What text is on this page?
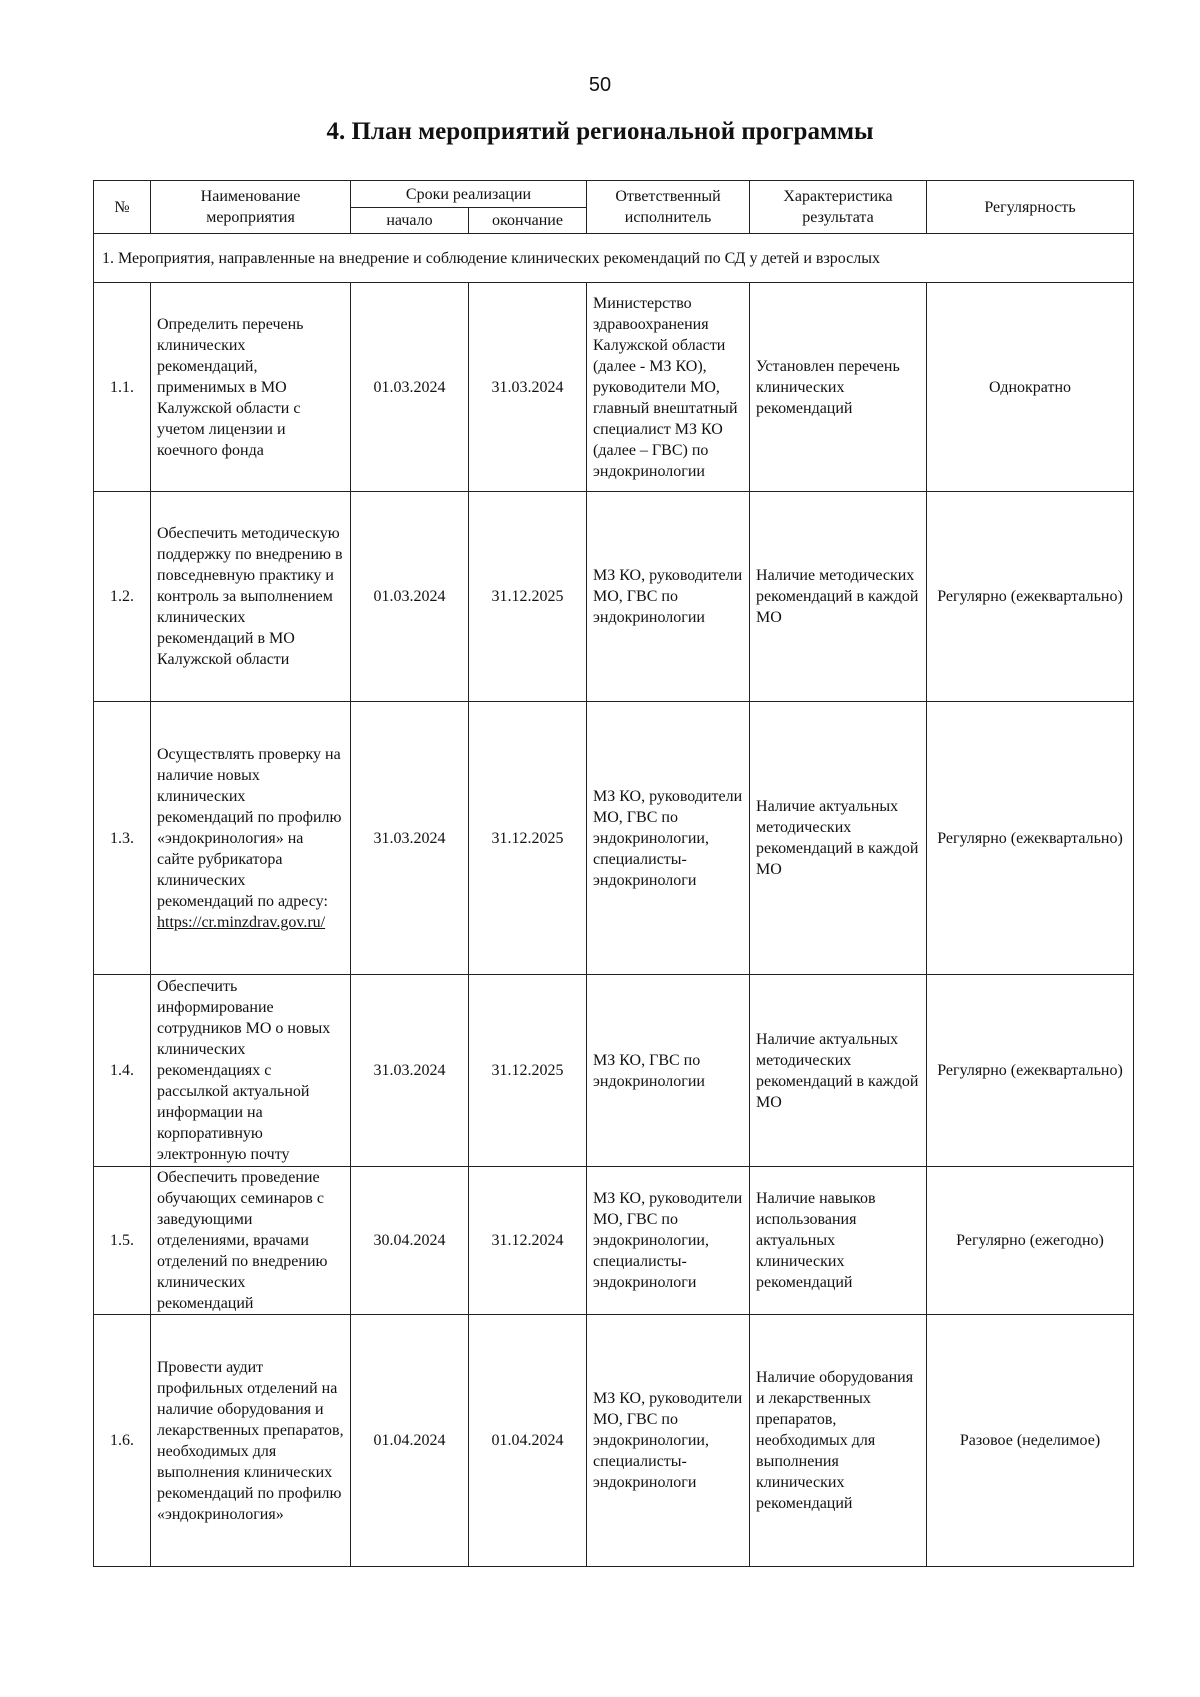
50
4. План мероприятий региональной программы
№	Наименование мероприятия	Сроки реализации		Ответственный исполнитель	Характеристика результата	Регулярность
		начало	окончание			
1. Мероприятия, направленные на внедрение и соблюдение клинических рекомендаций по СД у детей и взрослых						
1.1.	Определить перечень клинических рекомендаций, применимых в МО Калужской области с учетом лицензии и коечного фонда	01.03.2024	31.03.2024	Министерство здравоохранения Калужской области (далее - МЗ КО), руководители МО, главный внештатный специалист МЗ КО (далее – ГВС) по эндокринологии	Установлен перечень клинических рекомендаций	Однократно
1.2.	Обеспечить методическую поддержку по внедрению в повседневную практику и контроль за выполнением клинических рекомендаций в МО Калужской области	01.03.2024	31.12.2025	МЗ КО, руководители МО, ГВС по эндокринологии	Наличие методических рекомендаций в каждой МО	Регулярно (ежеквартально)
1.3.	Осуществлять проверку на наличие новых клинических рекомендаций по профилю «эндокринология» на сайте рубрикатора клинических рекомендаций по адресу: https://cr.minzdrav.gov.ru/	31.03.2024	31.12.2025	МЗ КО, руководители МО, ГВС по эндокринологии, специалисты-эндокринологи	Наличие актуальных методических рекомендаций в каждой МО	Регулярно (ежеквартально)
1.4.	Обеспечить информирование сотрудников МО о новых клинических рекомендациях с рассылкой актуальной информации на корпоративную электронную почту	31.03.2024	31.12.2025	МЗ КО, ГВС по эндокринологии	Наличие актуальных методических рекомендаций в каждой МО	Регулярно (ежеквартально)
1.5.	Обеспечить проведение обучающих семинаров с заведующими отделениями, врачами отделений по внедрению клинических рекомендаций	30.04.2024	31.12.2024	МЗ КО, руководители МО, ГВС по эндокринологии, специалисты-эндокринологи	Наличие навыков использования актуальных клинических рекомендаций	Регулярно (ежегодно)
1.6.	Провести аудит профильных отделений на наличие оборудования и лекарственных препаратов, необходимых для выполнения клинических рекомендаций по профилю «эндокринология»	01.04.2024	01.04.2024	МЗ КО, руководители МО, ГВС по эндокринологии, специалисты-эндокринологи	Наличие оборудования и лекарственных препаратов, необходимых для выполнения клинических рекомендаций	Разовое (неделимое)
